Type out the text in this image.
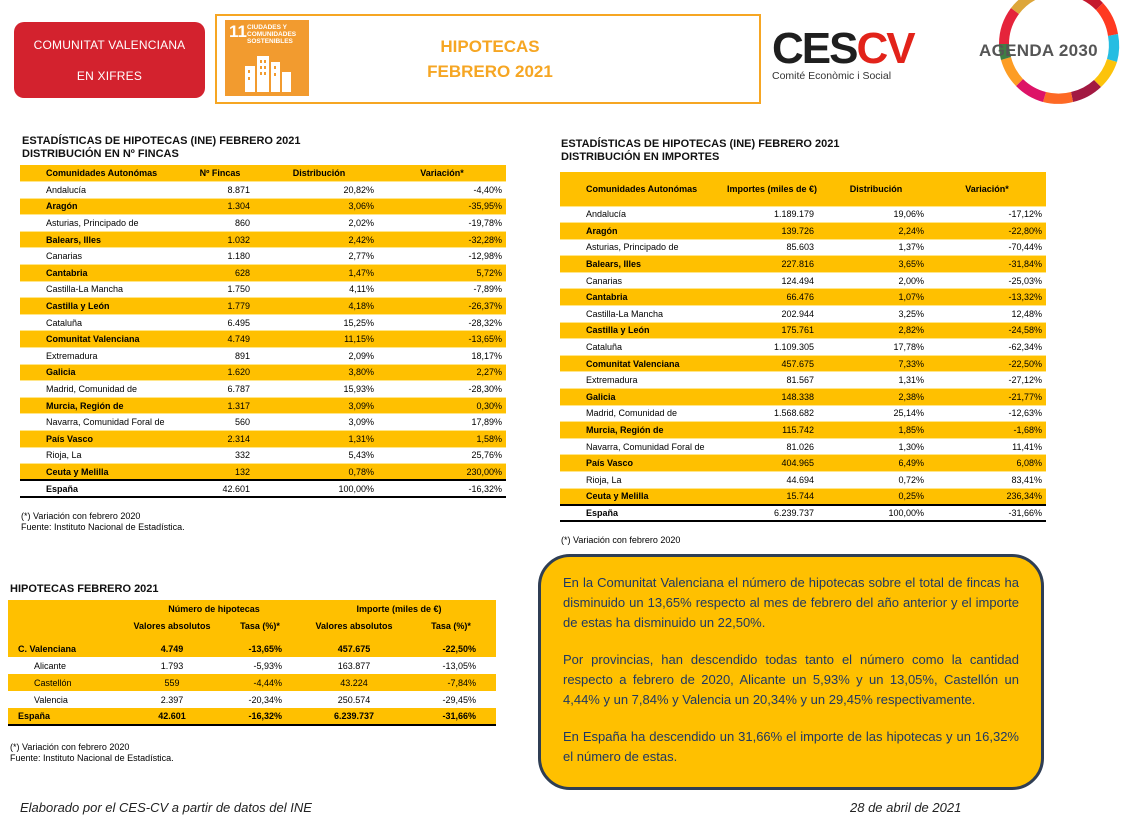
COMUNITAT VALENCIANA
EN XIFRES
11 CIUDADES Y COMUNIDADES SOSTENIBLES	HIPOTECAS
FEBRERO 2021	CESCV
Comité Econòmic i Social
AGENDA 2030
ESTADÍSTICAS DE HIPOTECAS (INE) FEBRERO 2021
DISTRIBUCIÓN EN Nº FINCAS
Comunidades Autonómas	Nº Fincas	Distribución	Variación*
Andalucía	8.871	20,82%	-4,40%
Aragón	1.304	3,06%	-35,95%
Asturias, Principado de	860	2,02%	-19,78%
Balears, Illes	1.032	2,42%	-32,28%
Canarias	1.180	2,77%	-12,98%
Cantabria	628	1,47%	5,72%
Castilla-La Mancha	1.750	4,11%	-7,89%
Castilla y León	1.779	4,18%	-26,37%
Cataluña	6.495	15,25%	-28,32%
Comunitat Valenciana	4.749	11,15%	-13,65%
Extremadura	891	2,09%	18,17%
Galicia	1.620	3,80%	2,27%
Madrid, Comunidad de	6.787	15,93%	-28,30%
Murcia, Región de	1.317	3,09%	0,30%
Navarra, Comunidad Foral de	560	3,09%	17,89%
País Vasco	2.314	1,31%	1,58%
Rioja, La	332	5,43%	25,76%
Ceuta y Melilla	132	0,78%	230,00%
España	42.601	100,00%	-16,32%
(*) Variación con febrero 2020
Fuente: Instituto Nacional de Estadística.
ESTADÍSTICAS DE HIPOTECAS (INE) FEBRERO 2021
DISTRIBUCIÓN EN IMPORTES
Comunidades Autonómas	Importes (miles de €)	Distribución	Variación*
Andalucía	1.189.179	19,06%	-17,12%
Aragón	139.726	2,24%	-22,80%
Asturias, Principado de	85.603	1,37%	-70,44%
Balears, Illes	227.816	3,65%	-31,84%
Canarias	124.494	2,00%	-25,03%
Cantabria	66.476	1,07%	-13,32%
Castilla-La Mancha	202.944	3,25%	12,48%
Castilla y León	175.761	2,82%	-24,58%
Cataluña	1.109.305	17,78%	-62,34%
Comunitat Valenciana	457.675	7,33%	-22,50%
Extremadura	81.567	1,31%	-27,12%
Galicia	148.338	2,38%	-21,77%
Madrid, Comunidad de	1.568.682	25,14%	-12,63%
Murcia, Región de	115.742	1,85%	-1,68%
Navarra, Comunidad Foral de	81.026	1,30%	11,41%
País Vasco	404.965	6,49%	6,08%
Rioja, La	44.694	0,72%	83,41%
Ceuta y Melilla	15.744	0,25%	236,34%
España	6.239.737	100,00%	-31,66%
(*) Variación con febrero 2020
HIPOTECAS FEBRERO 2021
	Número de hipotecas		Importe (miles de €)	
	Valores absolutos	Tasa (%)*	Valores absolutos	Tasa (%)*

C. Valenciana	4.749	-13,65%	457.675	-22,50%
Alicante	1.793	-5,93%	163.877	-13,05%
Castellón	559	-4,44%	43.224	-7,84%
Valencia	2.397	-20,34%	250.574	-29,45%
España	42.601	-16,32%	6.239.737	-31,66%
(*) Variación con febrero 2020
Fuente: Instituto Nacional de Estadística.

En la Comunitat Valenciana el número de hipotecas sobre el total de fincas ha disminuido un 13,65% respecto al mes de febrero del año anterior y el importe de estas ha disminuido un 22,50%.

Por provincias, han descendido todas tanto el número como la cantidad respecto a febrero de 2020, Alicante un 5,93% y un 13,05%, Castellón un 4,44% y un 7,84% y Valencia un 20,34% y un 29,45% respectivamente.

En España ha descendido un 31,66% el importe de las hipotecas y un 16,32% el número de estas.

Elaborado por el CES-CV a partir de datos del INE	28 de abril de 2021
